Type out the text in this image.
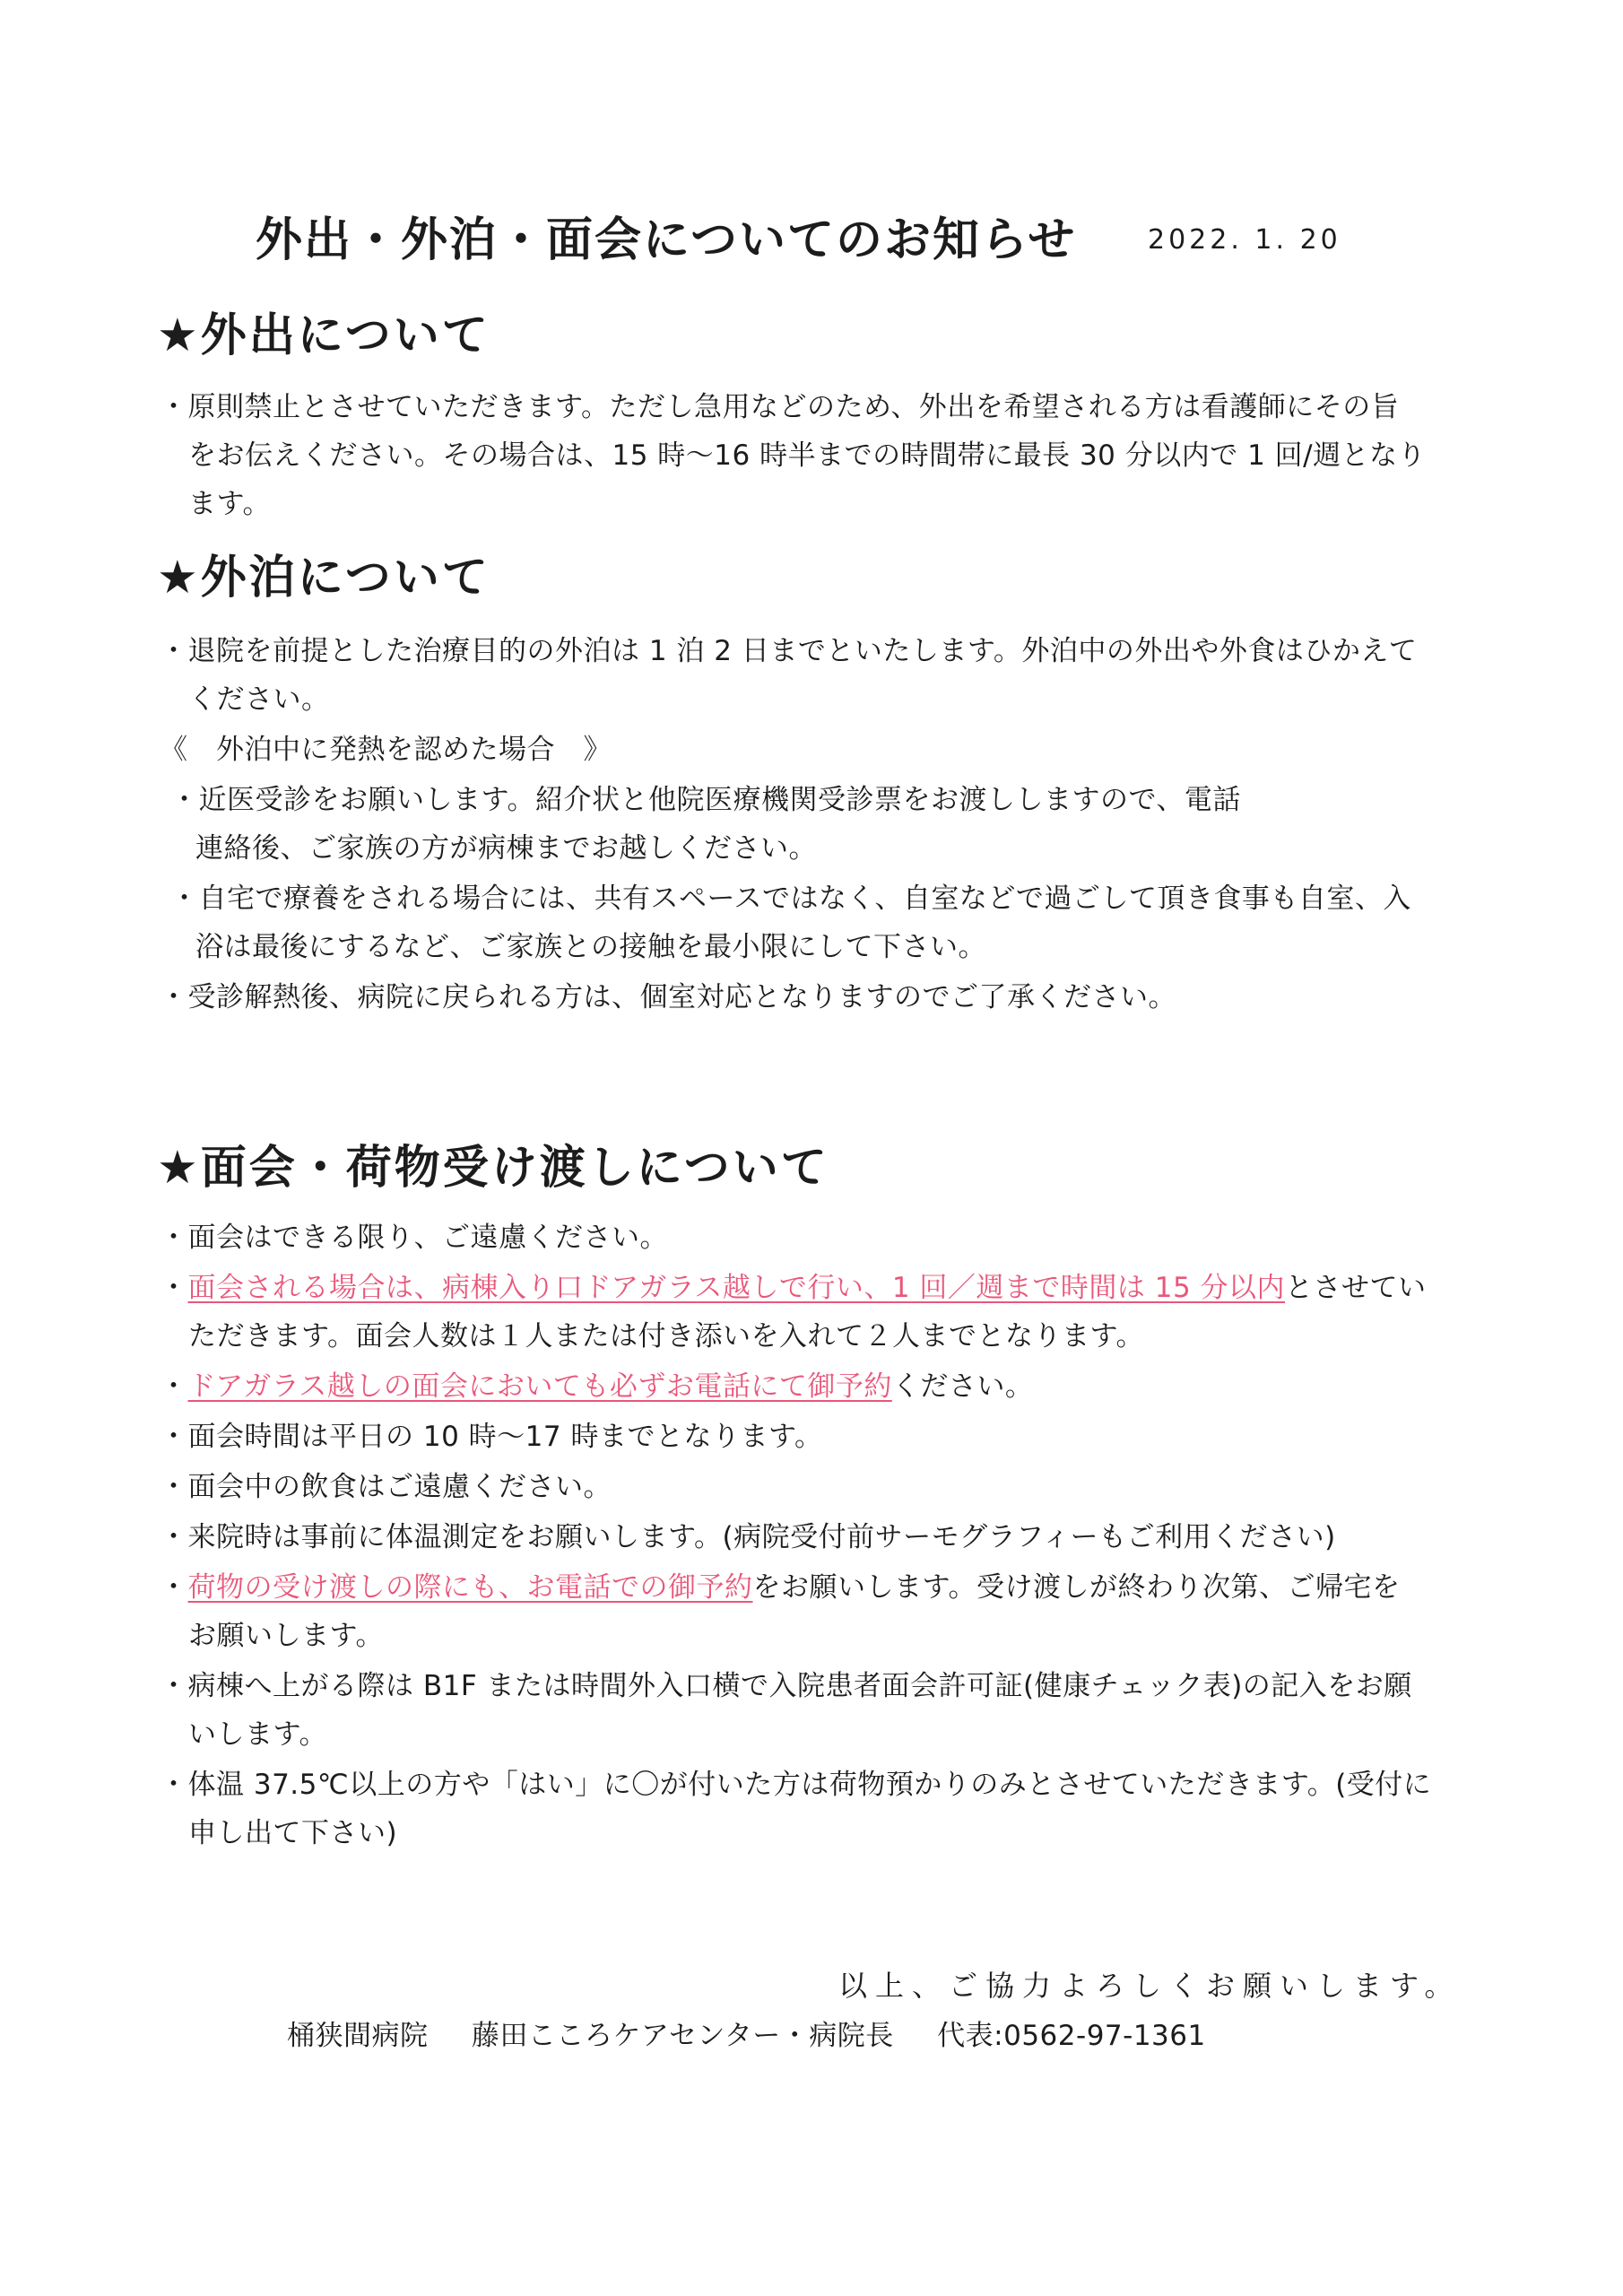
外出・外泊・面会についてのお知らせ	2022. 1. 20
★外出について
・原則禁止とさせていただきます。ただし急用などのため、外出を希望される方は看護師にその旨
をお伝えください。その場合は、15 時～16 時半までの時間帯に最長 30 分以内で 1 回/週となり
ます。
★外泊について
・退院を前提とした治療目的の外泊は 1 泊 2 日までといたします。外泊中の外出や外食はひかえて
ください。
《　外泊中に発熱を認めた場合　》
・近医受診をお願いします。紹介状と他院医療機関受診票をお渡ししますので、電話
連絡後、ご家族の方が病棟までお越しください。
・自宅で療養をされる場合には、共有スペースではなく、自室などで過ごして頂き食事も自室、入
浴は最後にするなど、ご家族との接触を最小限にして下さい。
・受診解熱後、病院に戻られる方は、個室対応となりますのでご了承ください。
★面会・荷物受け渡しについて
・面会はできる限り、ご遠慮ください。
・面会される場合は、病棟入り口ドアガラス越しで行い、1 回／週まで時間は 15 分以内とさせてい
ただきます。面会人数は１人または付き添いを入れて２人までとなります。
・ドアガラス越しの面会においても必ずお電話にて御予約ください。
・面会時間は平日の 10 時～17 時までとなります。
・面会中の飲食はご遠慮ください。
・来院時は事前に体温測定をお願いします。(病院受付前サーモグラフィーもご利用ください)
・荷物の受け渡しの際にも、お電話での御予約をお願いします。受け渡しが終わり次第、ご帰宅を
お願いします。
・病棟へ上がる際は B1F または時間外入口横で入院患者面会許可証(健康チェック表)の記入をお願
いします。
・体温 37.5℃以上の方や「はい」に〇が付いた方は荷物預かりのみとさせていただきます。(受付に
申し出て下さい)
以上、ご協力よろしくお願いします。
桶狭間病院 藤田こころケアセンター・病院長 代表:0562-97-1361
